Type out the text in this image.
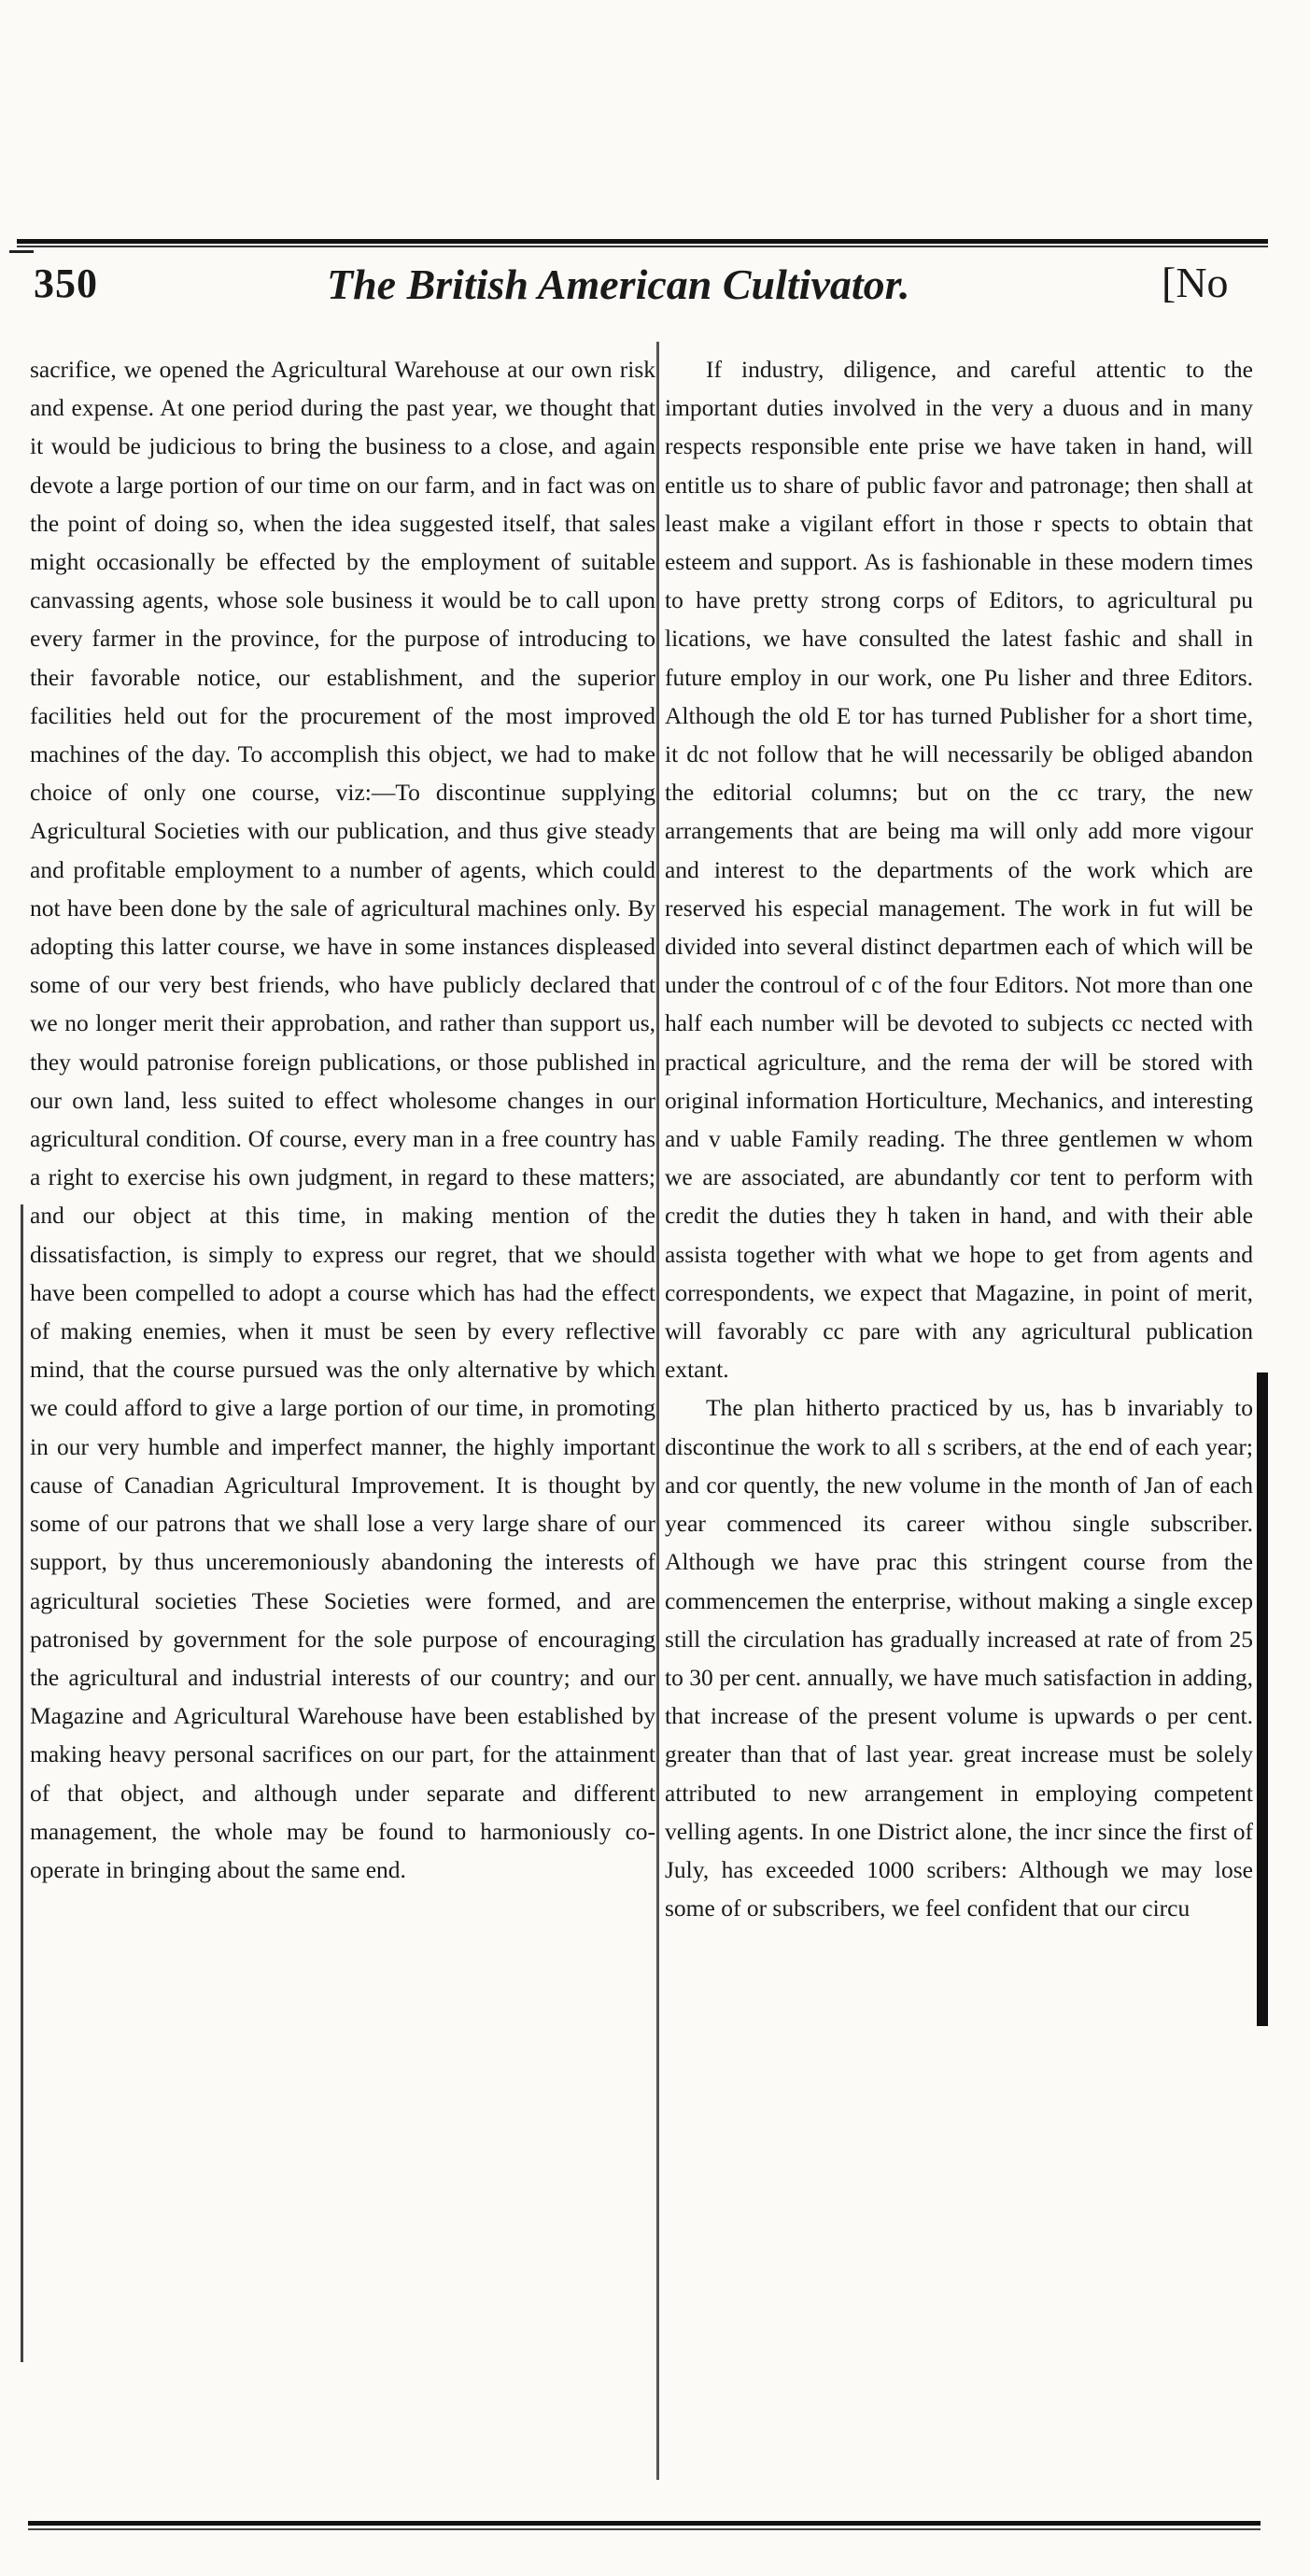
350	The British American Cultivator.	[No

sacrifice, we opened the Agricultural Warehouse at our own risk and expense. At one period during the past year, we thought that it would be judicious to bring the business to a close, and again devote a large portion of our time on our farm, and in fact was on the point of doing so, when the idea suggested itself, that sales might occasionally be effected by the employment of suitable canvassing agents, whose sole business it would be to call upon every farmer in the province, for the purpose of introducing to their favorable notice, our establishment, and the superior facilities held out for the procurement of the most improved machines of the day. To accomplish this object, we had to make choice of only one course, viz:—To discontinue supplying Agricultural Societies with our publication, and thus give steady and profitable employment to a number of agents, which could not have been done by the sale of agricultural machines only. By adopting this latter course, we have in some instances displeased some of our very best friends, who have publicly declared that we no longer merit their approbation, and rather than support us, they would patronise foreign publications, or those published in our own land, less suited to effect wholesome changes in our agricultural condition. Of course, every man in a free country has a right to exercise his own judgment, in regard to these matters; and our object at this time, in making mention of the dissatisfaction, is simply to express our regret, that we should have been compelled to adopt a course which has had the effect of making enemies, when it must be seen by every reflective mind, that the course pursued was the only alternative by which we could afford to give a large portion of our time, in promoting in our very humble and imperfect manner, the highly important cause of Canadian Agricultural Improvement. It is thought by some of our patrons that we shall lose a very large share of our support, by thus unceremoniously abandoning the interests of agricultural societies These Societies were formed, and are patronised by government for the sole purpose of encouraging the agricultural and industrial interests of our country; and our Magazine and Agricultural Warehouse have been established by making heavy personal sacrifices on our part, for the attainment of that object, and although under separate and different management, the whole may be found to harmoniously co-operate in bringing about the same end.

If industry, diligence, and careful attentic to the important duties involved in the very a duous and in many respects responsible ente prise we have taken in hand, will entitle us to share of public favor and patronage; then shall at least make a vigilant effort in those r spects to obtain that esteem and support. As is fashionable in these modern times to have pretty strong corps of Editors, to agricultural pu lications, we have consulted the latest fashic and shall in future employ in our work, one Pu lisher and three Editors. Although the old E tor has turned Publisher for a short time, it dc not follow that he will necessarily be obliged abandon the editorial columns; but on the cc trary, the new arrangements that are being ma will only add more vigour and interest to the departments of the work which are reserved his especial management. The work in fut will be divided into several distinct departmen each of which will be under the controul of c of the four Editors. Not more than one half each number will be devoted to subjects cc nected with practical agriculture, and the rema der will be stored with original information Horticulture, Mechanics, and interesting and v uable Family reading. The three gentlemen w whom we are associated, are abundantly cor tent to perform with credit the duties they h taken in hand, and with their able assista together with what we hope to get from agents and correspondents, we expect that Magazine, in point of merit, will favorably cc pare with any agricultural publication extant.

The plan hitherto practiced by us, has b invariably to discontinue the work to all s scribers, at the end of each year; and cor quently, the new volume in the month of Jan of each year commenced its career withou single subscriber. Although we have prac this stringent course from the commencemen the enterprise, without making a single excep still the circulation has gradually increased at rate of from 25 to 30 per cent. annually, we have much satisfaction in adding, that increase of the present volume is upwards o per cent. greater than that of last year. great increase must be solely attributed to new arrangement in employing competent velling agents. In one District alone, the incr since the first of July, has exceeded 1000 scribers: Although we may lose some of or subscribers, we feel confident that our circu
